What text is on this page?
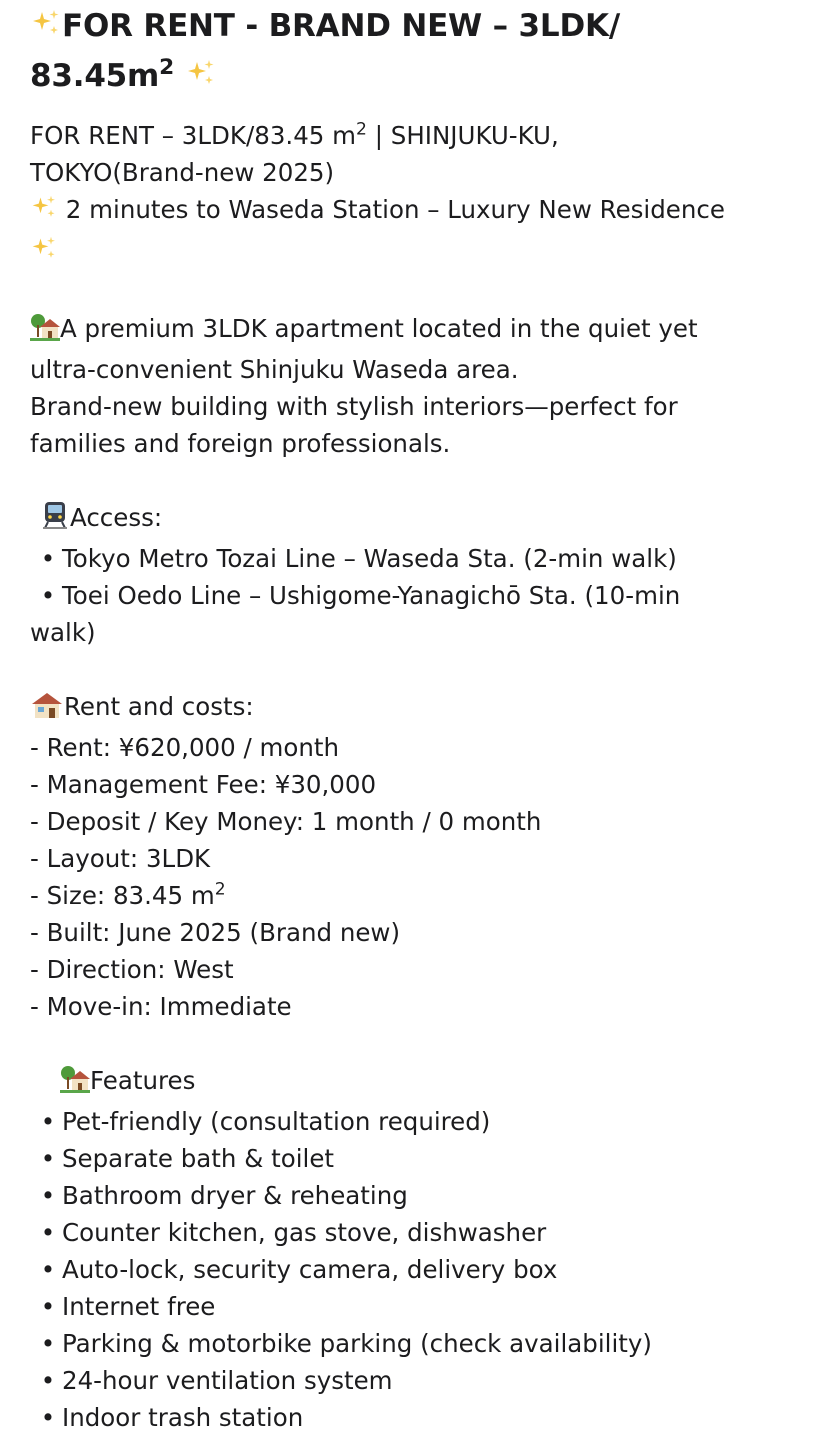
FOR RENT - BRAND NEW – 3LDK/
$83.45m^2$
FOR RENT – 3LDK/83.45 $m^2$ | SHINJUKU-KU,
TOKYO(Brand-new 2025)
2 minutes to Waseda Station – Luxury New Residence
A premium 3LDK apartment located in the quiet yet
ultra-convenient Shinjuku Waseda area.
Brand-new building with stylish interiors—perfect for
families and foreign professionals.
Access:
• Tokyo Metro Tozai Line – Waseda Sta. (2-min walk)
• Toei Oedo Line – Ushigome-Yanagichō Sta. (10-min
walk)
Rent and costs:
- Rent: ¥620,000 / month
- Management Fee: ¥30,000
- Deposit / Key Money: 1 month / 0 month
- Layout: 3LDK
- Size: 83.45 $m^2$
- Built: June 2025 (Brand new)
- Direction: West
- Move-in: Immediate
Features
• Pet-friendly (consultation required)
• Separate bath & toilet
• Bathroom dryer & reheating
• Counter kitchen, gas stove, dishwasher
• Auto-lock, security camera, delivery box
• Internet free
• Parking & motorbike parking (check availability)
• 24-hour ventilation system
• Indoor trash station
